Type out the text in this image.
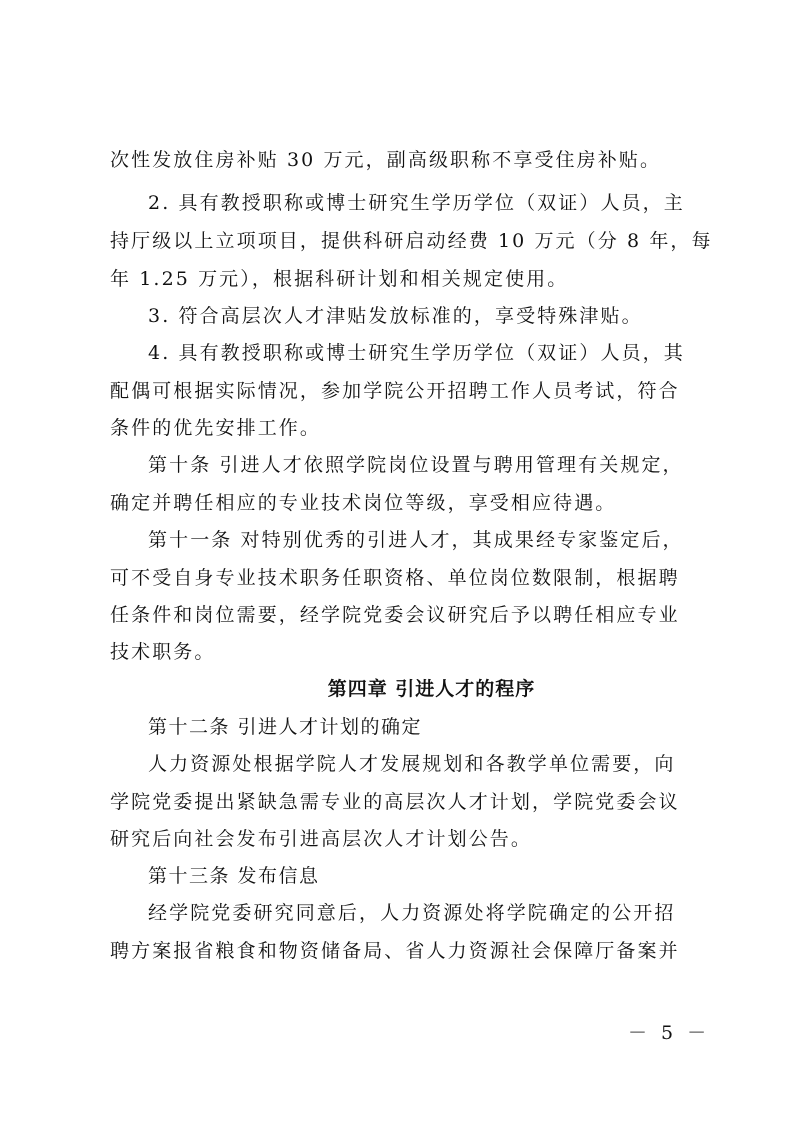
次性发放住房补贴 30 万元，副高级职称不享受住房补贴。
2. 具有教授职称或博士研究生学历学位（双证）人员，主
持厅级以上立项项目，提供科研启动经费 10 万元（分 8 年，每
年 1.25 万元），根据科研计划和相关规定使用。
3. 符合高层次人才津贴发放标准的，享受特殊津贴。
4. 具有教授职称或博士研究生学历学位（双证）人员，其
配偶可根据实际情况，参加学院公开招聘工作人员考试，符合
条件的优先安排工作。
第十条 引进人才依照学院岗位设置与聘用管理有关规定，
确定并聘任相应的专业技术岗位等级，享受相应待遇。
第十一条 对特别优秀的引进人才，其成果经专家鉴定后，
可不受自身专业技术职务任职资格、单位岗位数限制，根据聘
任条件和岗位需要，经学院党委会议研究后予以聘任相应专业
技术职务。
第四章 引进人才的程序
第十二条 引进人才计划的确定
人力资源处根据学院人才发展规划和各教学单位需要，向
学院党委提出紧缺急需专业的高层次人才计划，学院党委会议
研究后向社会发布引进高层次人才计划公告。
第十三条 发布信息
经学院党委研究同意后，人力资源处将学院确定的公开招
聘方案报省粮食和物资储备局、省人力资源社会保障厅备案并
－ 5 －
